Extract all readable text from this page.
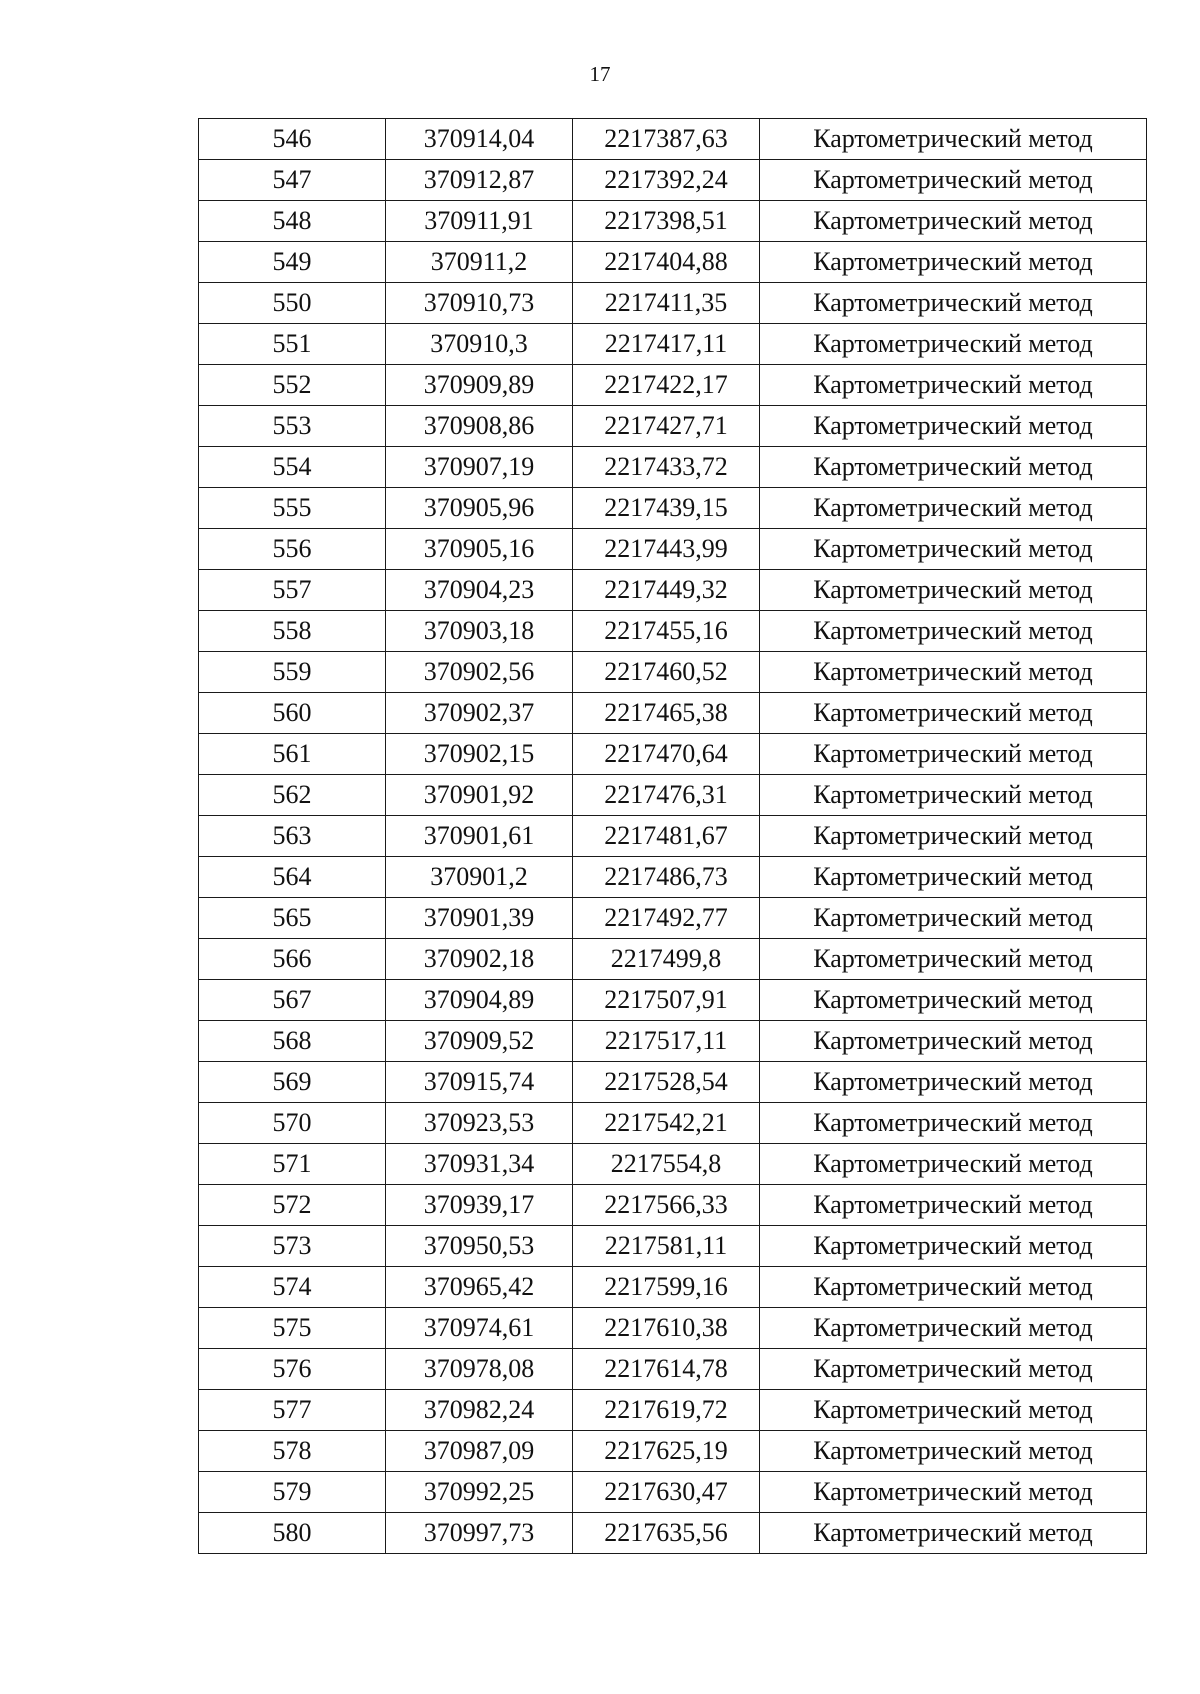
17
546	370914,04	2217387,63	Картометрический метод
547	370912,87	2217392,24	Картометрический метод
548	370911,91	2217398,51	Картометрический метод
549	370911,2	2217404,88	Картометрический метод
550	370910,73	2217411,35	Картометрический метод
551	370910,3	2217417,11	Картометрический метод
552	370909,89	2217422,17	Картометрический метод
553	370908,86	2217427,71	Картометрический метод
554	370907,19	2217433,72	Картометрический метод
555	370905,96	2217439,15	Картометрический метод
556	370905,16	2217443,99	Картометрический метод
557	370904,23	2217449,32	Картометрический метод
558	370903,18	2217455,16	Картометрический метод
559	370902,56	2217460,52	Картометрический метод
560	370902,37	2217465,38	Картометрический метод
561	370902,15	2217470,64	Картометрический метод
562	370901,92	2217476,31	Картометрический метод
563	370901,61	2217481,67	Картометрический метод
564	370901,2	2217486,73	Картометрический метод
565	370901,39	2217492,77	Картометрический метод
566	370902,18	2217499,8	Картометрический метод
567	370904,89	2217507,91	Картометрический метод
568	370909,52	2217517,11	Картометрический метод
569	370915,74	2217528,54	Картометрический метод
570	370923,53	2217542,21	Картометрический метод
571	370931,34	2217554,8	Картометрический метод
572	370939,17	2217566,33	Картометрический метод
573	370950,53	2217581,11	Картометрический метод
574	370965,42	2217599,16	Картометрический метод
575	370974,61	2217610,38	Картометрический метод
576	370978,08	2217614,78	Картометрический метод
577	370982,24	2217619,72	Картометрический метод
578	370987,09	2217625,19	Картометрический метод
579	370992,25	2217630,47	Картометрический метод
580	370997,73	2217635,56	Картометрический метод
